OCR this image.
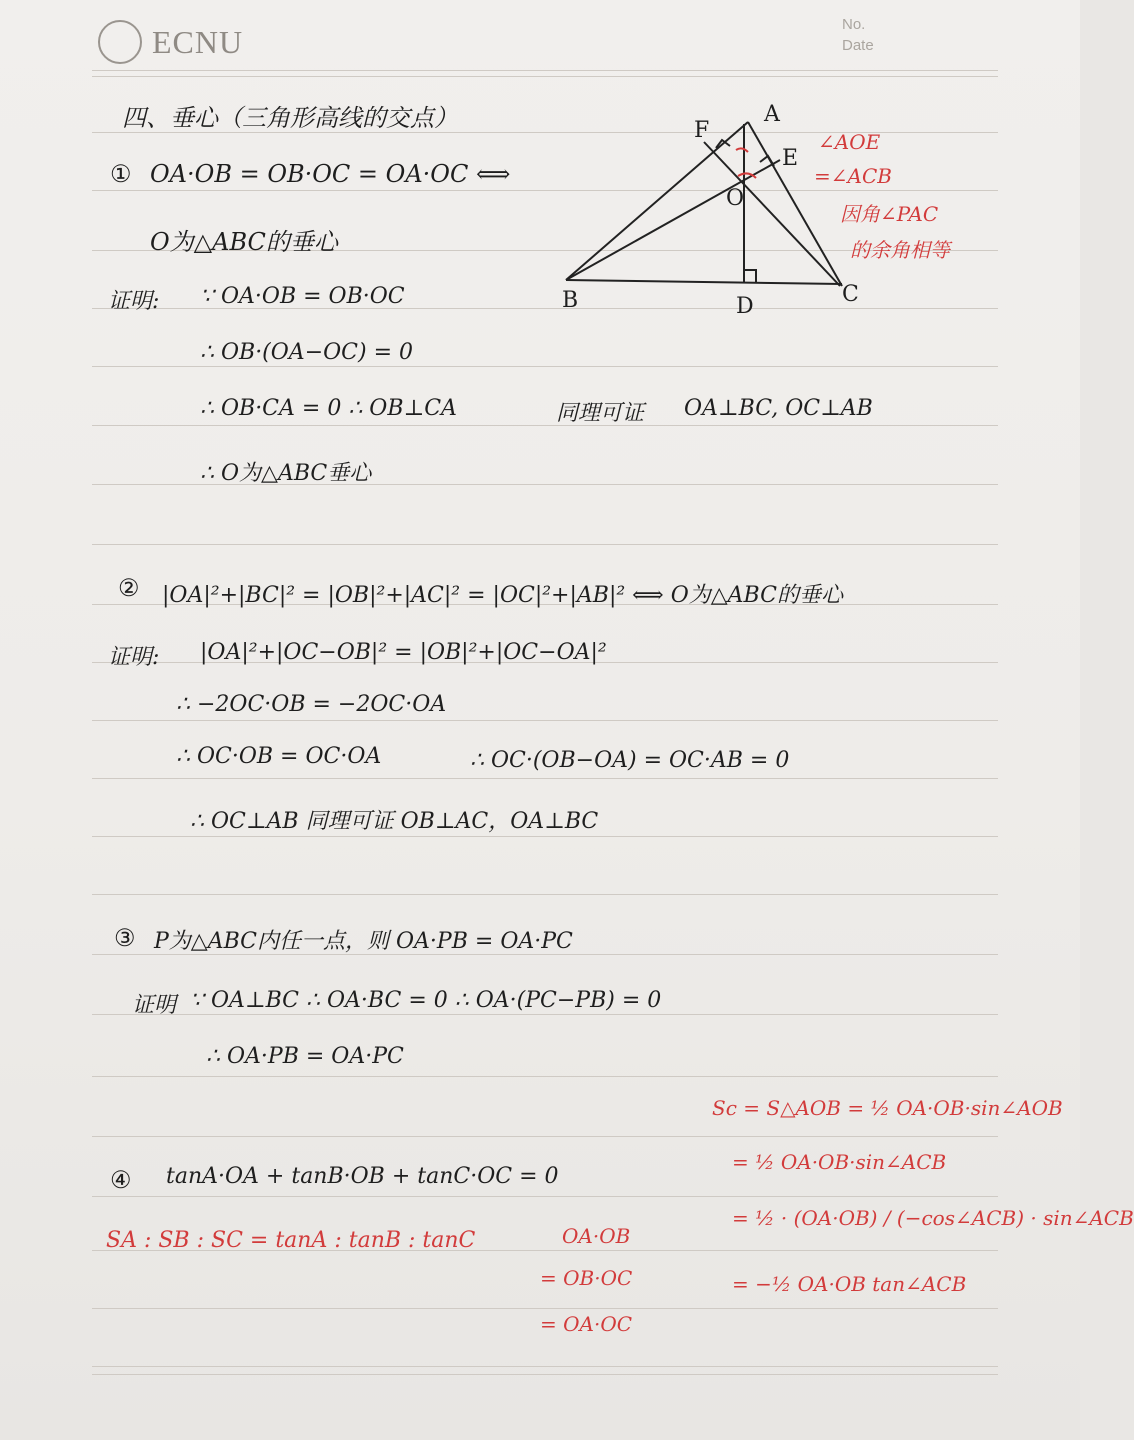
ECNU	No.
Date
四、垂心（三角形高线的交点）
① OA·OB = OB·OC = OA·OC ⟺
O为△ABC的垂心
证明: ∵ OA·OB = OB·OC
∴ OB·(OA−OC) = 0
∴ OB·CA = 0 ∴ OB⊥CA	同理可证 OA⊥BC, OC⊥AB
∴ O为△ABC垂心
A
F
E
O
B	D	C
∠AOE
=∠ACB
因角∠PAC
的余角相等
② |OA|²+|BC|² = |OB|²+|AC|² = |OC|²+|AB|² ⟺ O为△ABC的垂心
证明: |OA|²+|OC−OB|² = |OB|²+|OC−OA|²
∴ −2OC·OB = −2OC·OA
∴ OC·OB = OC·OA	∴ OC·(OB−OA) = OC·AB = 0
∴ OC⊥AB 同理可证 OB⊥AC，OA⊥BC
③ P为△ABC内任一点，则 OA·PB = OA·PC
证明 ∵ OA⊥BC ∴ OA·BC = 0 ∴ OA·(PC−PB) = 0
∴ OA·PB = OA·PC
④ tanA·OA + tanB·OB + tanC·OC = 0
SA : SB : SC = tanA : tanB : tanC	OA·OB
= OB·OC
= OA·OC
Sc = S△AOB = ½ OA·OB·sin∠AOB
= ½ OA·OB·sin∠ACB
= ½ · (OA·OB) / (−cos∠ACB) · sin∠ACB
= −½ OA·OB tan∠ACB
